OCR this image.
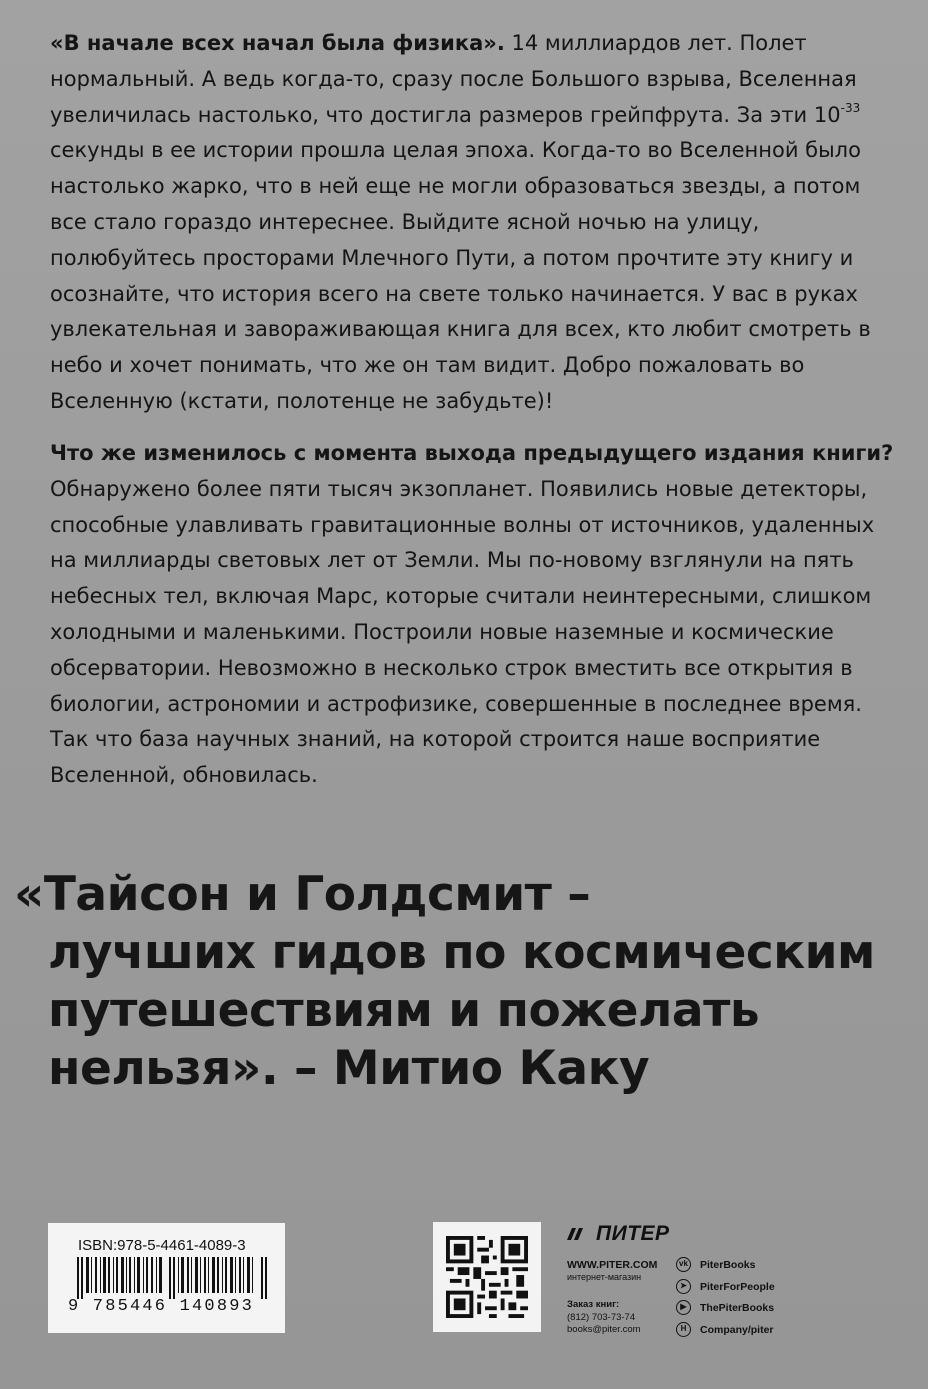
«В начале всех начал была физика». 14 миллиардов лет. Полет нормальный. А ведь когда-то, сразу после Большого взрыва, Вселенная увеличилась настолько, что достигла размеров грейпфрута. За эти $10^{-33}$ секунды в ее истории прошла целая эпоха. Когда-то во Вселенной было настолько жарко, что в ней еще не могли образоваться звезды, а потом все стало гораздо интереснее. Выйдите ясной ночью на улицу, полюбуйтесь просторами Млечного Пути, а потом прочтите эту книгу и осознайте, что история всего на свете только начинается. У вас в руках увлекательная и завораживающая книга для всех, кто любит смотреть в небо и хочет понимать, что же он там видит. Добро пожаловать во Вселенную (кстати, полотенце не забудьте)!

Что же изменилось с момента выхода предыдущего издания книги? Обнаружено более пяти тысяч экзопланет. Появились новые детекторы, способные улавливать гравитационные волны от источников, удаленных на миллиарды световых лет от Земли. Мы по-новому взглянули на пять небесных тел, включая Марс, которые считали неинтересными, слишком холодными и маленькими. Построили новые наземные и космические обсерватории. Невозможно в несколько строк вместить все открытия в биологии, астрономии и астрофизике, совершенные в последнее время. Так что база научных знаний, на которой строится наше восприятие Вселенной, обновилась.

«Тайсон и Голдсмит –
лучших гидов по космическим
путешествиям и пожелать
нельзя». – Митио Каку
ISBN:978-5-4461-4089-3
9 785446 140893
ПИТЕР
WWW.PITER.COM
интернет-магазин
Заказ книг:
(812) 703-73-74
books@piter.com
vk PiterBooks
➤	PiterForPeople
▶	ThePiterBooks
H	Company/piter
